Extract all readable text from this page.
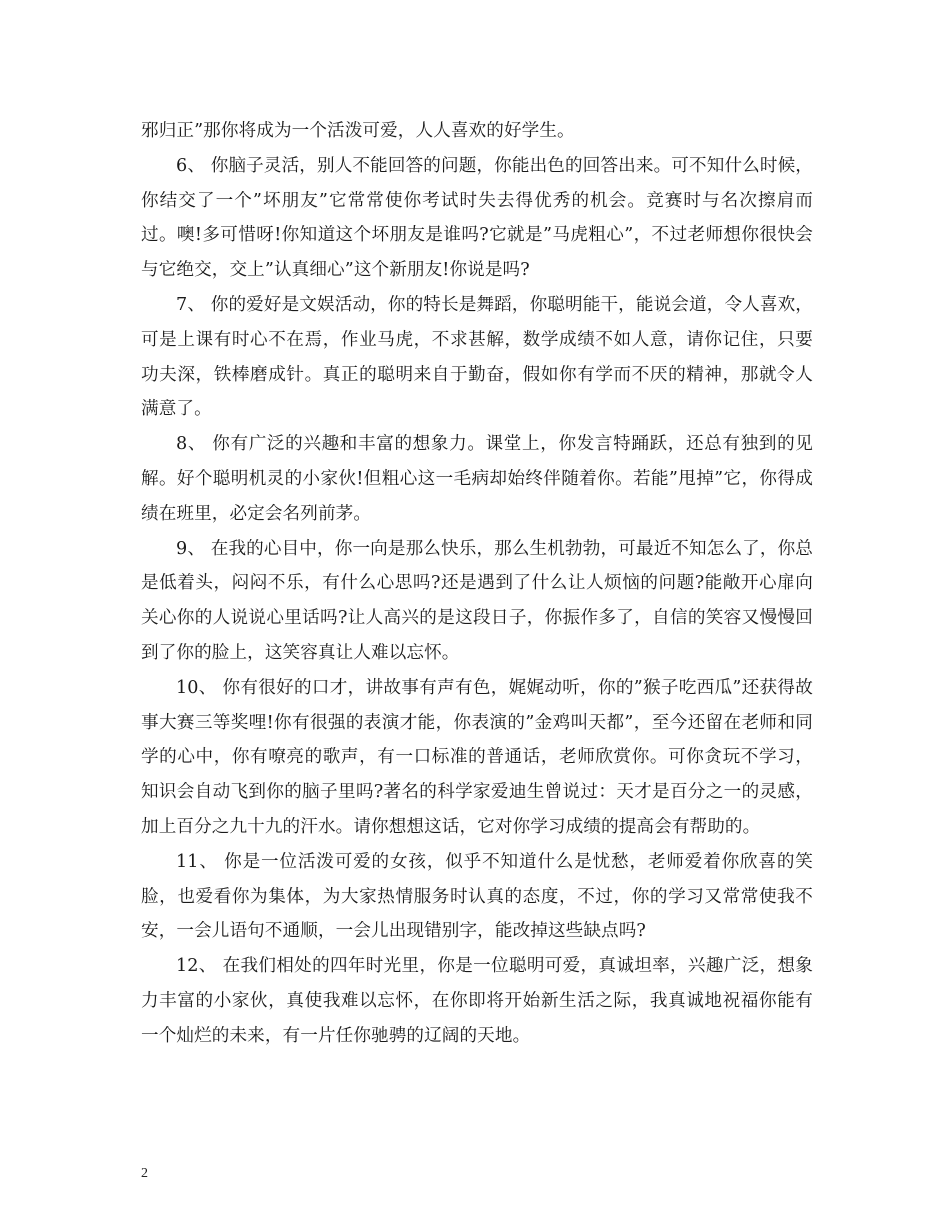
邪归正”那你将成为一个活泼可爱，人人喜欢的好学生。

6、 你脑子灵活，别人不能回答的问题，你能出色的回答出来。可不知什么时候，你结交了一个”坏朋友”它常常使你考试时失去得优秀的机会。竞赛时与名次擦肩而过。噢!多可惜呀!你知道这个坏朋友是谁吗?它就是”马虎粗心”，不过老师想你很快会与它绝交，交上”认真细心”这个新朋友!你说是吗?

7、 你的爱好是文娱活动，你的特长是舞蹈，你聪明能干，能说会道，令人喜欢，可是上课有时心不在焉，作业马虎，不求甚解，数学成绩不如人意，请你记住，只要功夫深，铁棒磨成针。真正的聪明来自于勤奋，假如你有学而不厌的精神，那就令人满意了。

8、 你有广泛的兴趣和丰富的想象力。课堂上，你发言特踊跃，还总有独到的见解。好个聪明机灵的小家伙!但粗心这一毛病却始终伴随着你。若能”甩掉”它，你得成绩在班里，必定会名列前茅。

9、 在我的心目中，你一向是那么快乐，那么生机勃勃，可最近不知怎么了，你总是低着头，闷闷不乐，有什么心思吗?还是遇到了什么让人烦恼的问题?能敞开心扉向关心你的人说说心里话吗?让人高兴的是这段日子，你振作多了，自信的笑容又慢慢回到了你的脸上，这笑容真让人难以忘怀。

10、 你有很好的口才，讲故事有声有色，娓娓动听，你的”猴子吃西瓜”还获得故事大赛三等奖哩!你有很强的表演才能，你表演的”金鸡叫天都”，至今还留在老师和同学的心中，你有嘹亮的歌声，有一口标准的普通话，老师欣赏你。可你贪玩不学习，知识会自动飞到你的脑子里吗?著名的科学家爱迪生曾说过：天才是百分之一的灵感，加上百分之九十九的汗水。请你想想这话，它对你学习成绩的提高会有帮助的。

11、 你是一位活泼可爱的女孩，似乎不知道什么是忧愁，老师爱着你欣喜的笑脸，也爱看你为集体，为大家热情服务时认真的态度，不过，你的学习又常常使我不安，一会儿语句不通顺，一会儿出现错别字，能改掉这些缺点吗?

12、 在我们相处的四年时光里，你是一位聪明可爱，真诚坦率，兴趣广泛，想象力丰富的小家伙，真使我难以忘怀，在你即将开始新生活之际，我真诚地祝福你能有一个灿烂的未来，有一片任你驰骋的辽阔的天地。

2
